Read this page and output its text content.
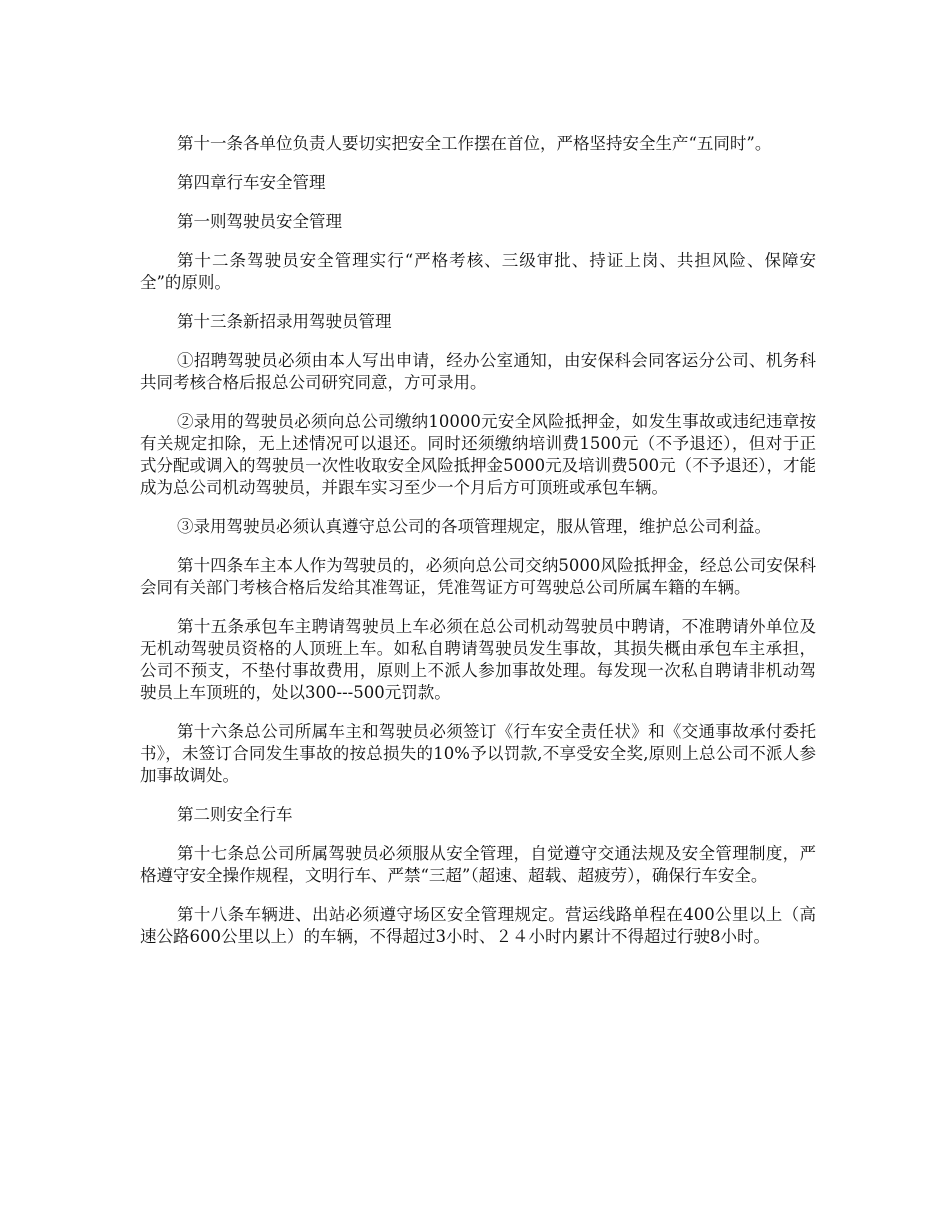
第十一条各单位负责人要切实把安全工作摆在首位，严格坚持安全生产“五同时”。

第四章行车安全管理

第一则驾驶员安全管理

第十二条驾驶员安全管理实行“严格考核、三级审批、持证上岗、共担风险、保障安全”的原则。

第十三条新招录用驾驶员管理

①招聘驾驶员必须由本人写出申请，经办公室通知，由安保科会同客运分公司、机务科共同考核合格后报总公司研究同意，方可录用。

②录用的驾驶员必须向总公司缴纳10000元安全风险抵押金，如发生事故或违纪违章按有关规定扣除，无上述情况可以退还。同时还须缴纳培训费1500元（不予退还），但对于正式分配或调入的驾驶员一次性收取安全风险抵押金5000元及培训费500元（不予退还），才能成为总公司机动驾驶员，并跟车实习至少一个月后方可顶班或承包车辆。

③录用驾驶员必须认真遵守总公司的各项管理规定，服从管理，维护总公司利益。

第十四条车主本人作为驾驶员的，必须向总公司交纳5000风险抵押金，经总公司安保科会同有关部门考核合格后发给其准驾证，凭准驾证方可驾驶总公司所属车籍的车辆。

第十五条承包车主聘请驾驶员上车必须在总公司机动驾驶员中聘请，不准聘请外单位及无机动驾驶员资格的人顶班上车。如私自聘请驾驶员发生事故，其损失概由承包车主承担，公司不预支，不垫付事故费用，原则上不派人参加事故处理。每发现一次私自聘请非机动驾驶员上车顶班的，处以300---500元罚款。

第十六条总公司所属车主和驾驶员必须签订《行车安全责任状》和《交通事故承付委托书》，未签订合同发生事故的按总损失的10%予以罚款,不享受安全奖,原则上总公司不派人参加事故调处。

第二则安全行车

第十七条总公司所属驾驶员必须服从安全管理，自觉遵守交通法规及安全管理制度，严格遵守安全操作规程，文明行车、严禁“三超”（超速、超载、超疲劳），确保行车安全。

第十八条车辆进、出站必须遵守场区安全管理规定。营运线路单程在400公里以上（高速公路600公里以上）的车辆，不得超过3小时、２４小时内累计不得超过行驶8小时。
